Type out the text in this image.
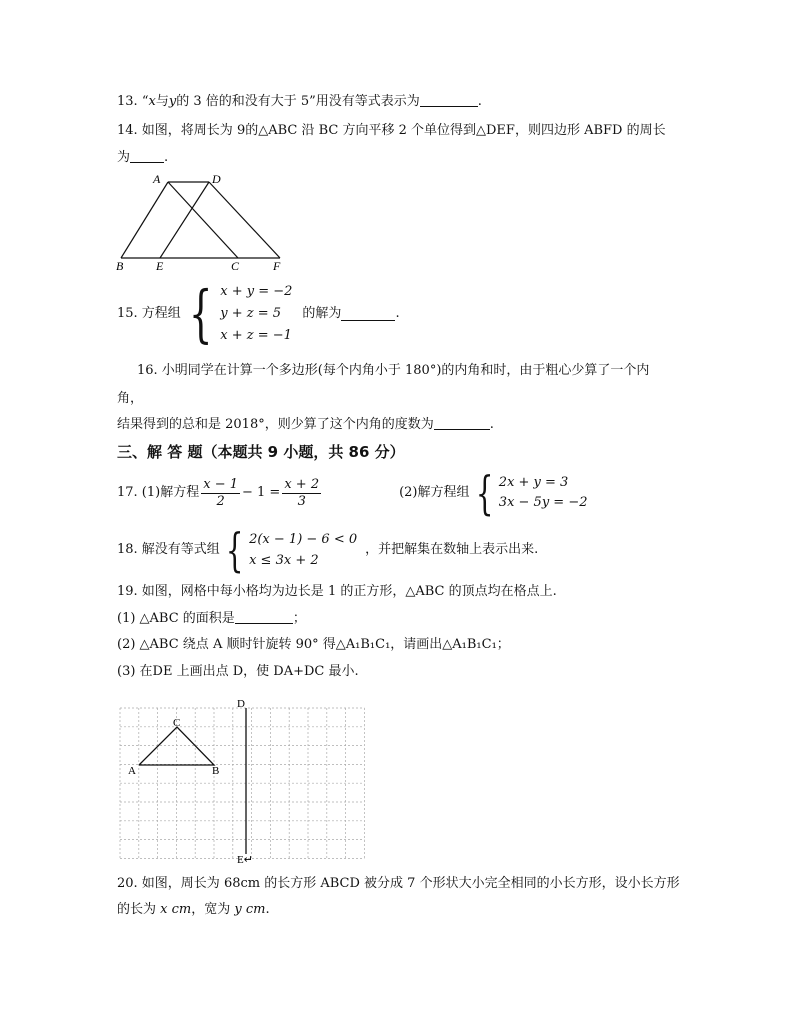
13. “x与y的 3 倍的和没有大于 5”用没有等式表示为	.
14. 如图，将周长为 9的△ABC 沿 BC 方向平移 2 个单位得到△DEF，则四边形 ABFD 的周长
为	.
A	D
B	E	C	F
15. 方程组 { x + y = −2
y + z = 5
x + z = −1
的解为	.
16. 小明同学在计算一个多边形(每个内角小于 180°)的内角和时，由于粗心少算了一个内
角，
结果得到的总和是 2018°，则少算了这个内角的度数为	.
三、解 答 题（本题共 9 小题，共 86 分）
17. (1)解方程 $\frac{x - 1}{2} - 1 = \frac{x + 2}{3}$	(2)解方程组 { 2x + y = 3
3x − 5y = −2
18. 解没有等式组 { 2(x − 1) − 6 < 0
x ≤ 3x + 2
，并把解集在数轴上表示出来.
19. 如图，网格中每小格均为边长是 1 的正方形，△ABC 的顶点均在格点上.
(1) △ABC 的面积是	；
(2) △ABC 绕点 A 顺时针旋转 90° 得△A₁B₁C₁，请画出△A₁B₁C₁；
(3) 在DE 上画出点 D，使 DA+DC 最小.
A	B
C
D
E↵
20. 如图，周长为 68cm 的长方形 ABCD 被分成 7 个形状大小完全相同的小长方形，设小长方形
的长为 x cm，宽为 y cm.
